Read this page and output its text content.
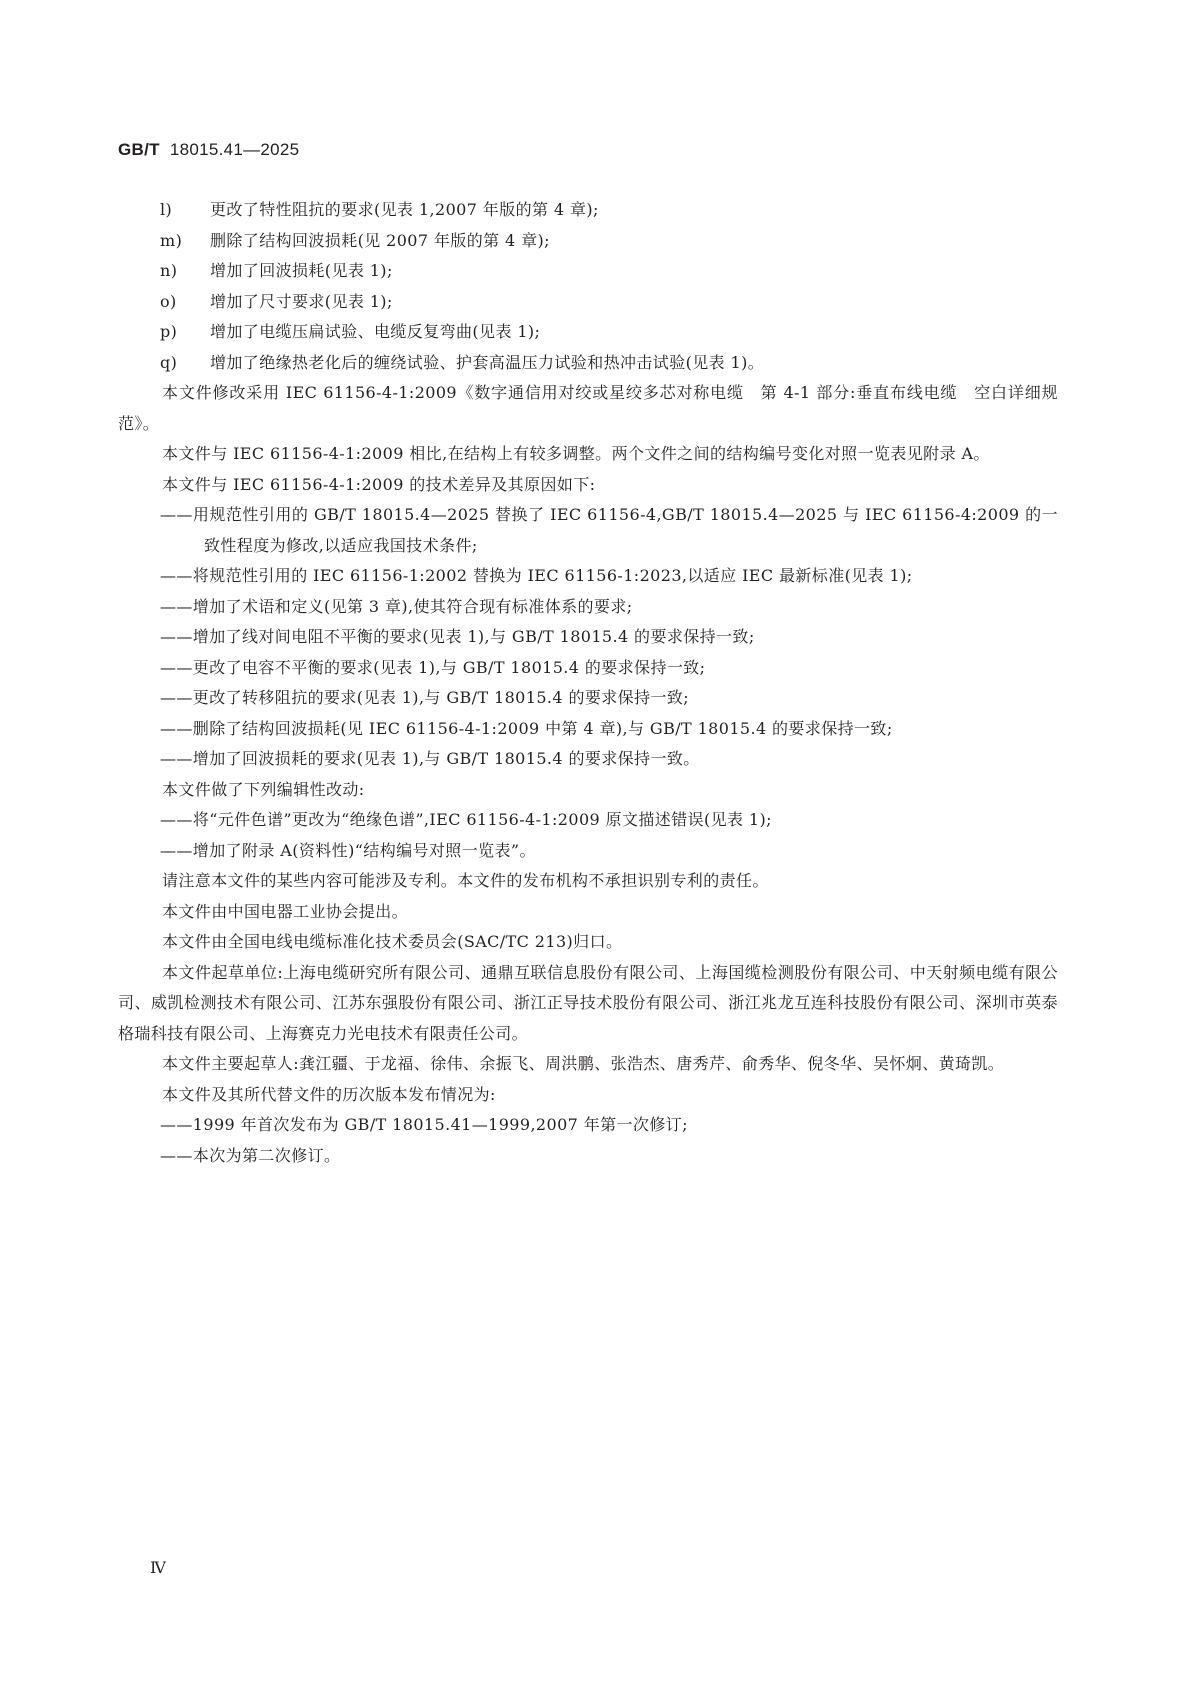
GB/T 18015.41—2025
l)	更改了特性阻抗的要求(见表 1,2007 年版的第 4 章);
m)	删除了结构回波损耗(见 2007 年版的第 4 章);
n)	增加了回波损耗(见表 1);
o)	增加了尺寸要求(见表 1);
p)	增加了电缆压扁试验、电缆反复弯曲(见表 1);
q)	增加了绝缘热老化后的缠绕试验、护套高温压力试验和热冲击试验(见表 1)。
本文件修改采用 IEC 61156-4-1:2009《数字通信用对绞或星绞多芯对称电缆　第 4-1 部分:垂直布线电缆　空白详细规范》。
本文件与 IEC 61156-4-1:2009 相比,在结构上有较多调整。两个文件之间的结构编号变化对照一览表见附录 A。
本文件与 IEC 61156-4-1:2009 的技术差异及其原因如下:
——用规范性引用的 GB/T 18015.4—2025 替换了 IEC 61156-4,GB/T 18015.4—2025 与 IEC 61156-4:2009 的一致性程度为修改,以适应我国技术条件;
——将规范性引用的 IEC 61156-1:2002 替换为 IEC 61156-1:2023,以适应 IEC 最新标准(见表 1);
——增加了术语和定义(见第 3 章),使其符合现有标准体系的要求;
——增加了线对间电阻不平衡的要求(见表 1),与 GB/T 18015.4 的要求保持一致;
——更改了电容不平衡的要求(见表 1),与 GB/T 18015.4 的要求保持一致;
——更改了转移阻抗的要求(见表 1),与 GB/T 18015.4 的要求保持一致;
——删除了结构回波损耗(见 IEC 61156-4-1:2009 中第 4 章),与 GB/T 18015.4 的要求保持一致;
——增加了回波损耗的要求(见表 1),与 GB/T 18015.4 的要求保持一致。
本文件做了下列编辑性改动:
——将“元件色谱”更改为“绝缘色谱”,IEC 61156-4-1:2009 原文描述错误(见表 1);
——增加了附录 A(资料性)“结构编号对照一览表”。
请注意本文件的某些内容可能涉及专利。本文件的发布机构不承担识别专利的责任。
本文件由中国电器工业协会提出。
本文件由全国电线电缆标准化技术委员会(SAC/TC 213)归口。
本文件起草单位:上海电缆研究所有限公司、通鼎互联信息股份有限公司、上海国缆检测股份有限公司、中天射频电缆有限公司、威凯检测技术有限公司、江苏东强股份有限公司、浙江正导技术股份有限公司、浙江兆龙互连科技股份有限公司、深圳市英泰格瑞科技有限公司、上海赛克力光电技术有限责任公司。
本文件主要起草人:龚江疆、于龙福、徐伟、余振飞、周洪鹏、张浩杰、唐秀芹、俞秀华、倪冬华、吴怀炯、黄琦凯。
本文件及其所代替文件的历次版本发布情况为:
——1999 年首次发布为 GB/T 18015.41—1999,2007 年第一次修订;
——本次为第二次修订。
Ⅳ
